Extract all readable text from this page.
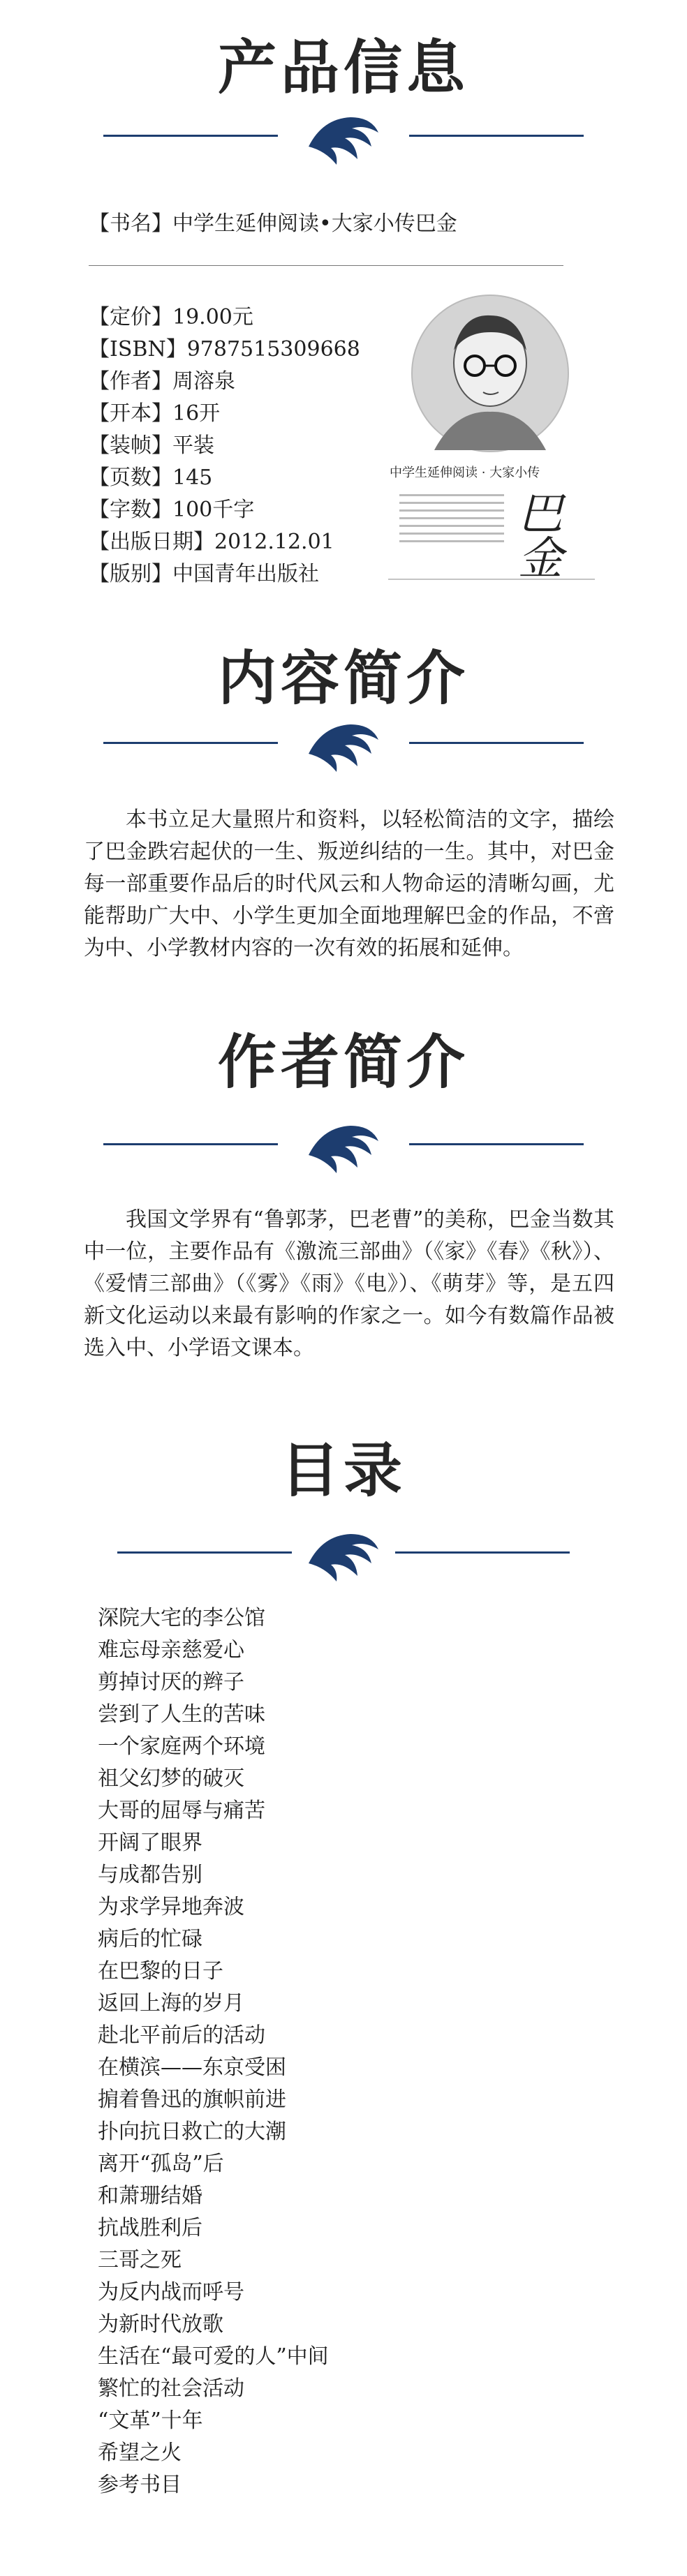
产品信息
【书名】中学生延伸阅读•大家小传巴金
【定价】19.00元
【ISBN】9787515309668
【作者】周溶泉
【开本】16开
【装帧】平装
【页数】145
【字数】100千字
【出版日期】2012.12.01
【版别】中国青年出版社
中学生延伸阅读 · 大家小传
巴金
内容简介
本书立足大量照片和资料，以轻松简洁的文字，描绘了巴金跌宕起伏的一生、叛逆纠结的一生。其中，对巴金每一部重要作品后的时代风云和人物命运的清晰勾画，尤能帮助广大中、小学生更加全面地理解巴金的作品，不啻为中、小学教材内容的一次有效的拓展和延伸。
作者简介
我国文学界有“鲁郭茅，巴老曹”的美称，巴金当数其中一位，主要作品有《激流三部曲》（《家》《春》《秋》）、《爱情三部曲》（《雾》《雨》《电》）、《萌芽》等，是五四新文化运动以来最有影响的作家之一。如今有数篇作品被选入中、小学语文课本。
目录
深院大宅的李公馆
难忘母亲慈爱心
剪掉讨厌的辫子
尝到了人生的苦味
一个家庭两个环境
祖父幻梦的破灭
大哥的屈辱与痛苦
开阔了眼界
与成都告别
为求学异地奔波
病后的忙碌
在巴黎的日子
返回上海的岁月
赴北平前后的活动
在横滨——东京受困
掮着鲁迅的旗帜前进
扑向抗日救亡的大潮
离开“孤岛”后
和萧珊结婚
抗战胜利后
三哥之死
为反内战而呼号
为新时代放歌
生活在“最可爱的人”中间
繁忙的社会活动
“文革”十年
希望之火
参考书目
